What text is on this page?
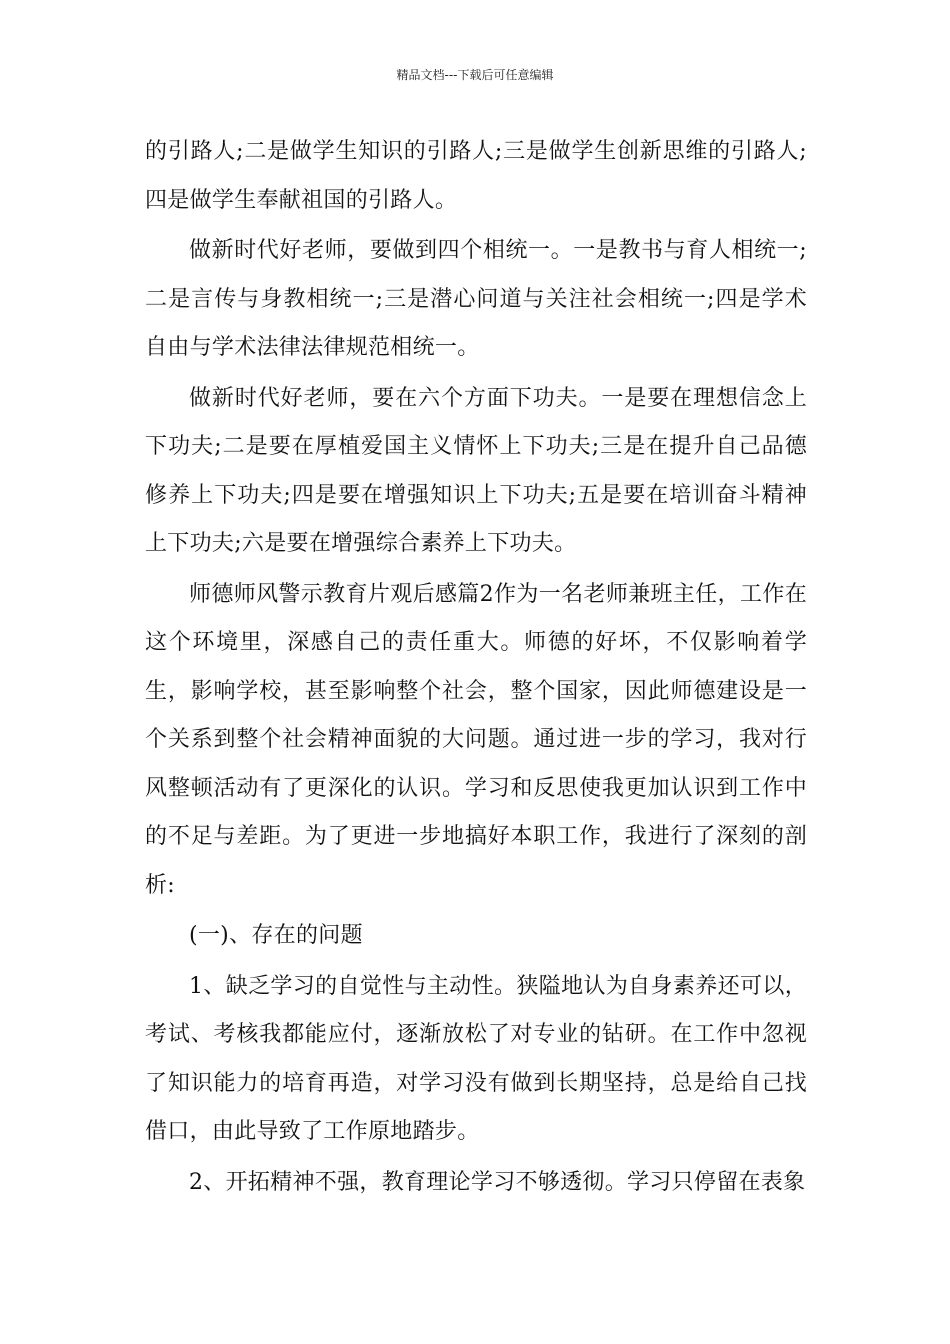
精品文档---下载后可任意编辑

的引路人;二是做学生知识的引路人;三是做学生创新思维的引路人;四是做学生奉献祖国的引路人。

做新时代好老师，要做到四个相统一。一是教书与育人相统一;二是言传与身教相统一;三是潜心问道与关注社会相统一;四是学术自由与学术法律法律规范相统一。

做新时代好老师，要在六个方面下功夫。一是要在理想信念上下功夫;二是要在厚植爱国主义情怀上下功夫;三是在提升自己品德修养上下功夫;四是要在增强知识上下功夫;五是要在培训奋斗精神上下功夫;六是要在增强综合素养上下功夫。

师德师风警示教育片观后感篇2作为一名老师兼班主任，工作在这个环境里，深感自己的责任重大。师德的好坏，不仅影响着学生，影响学校，甚至影响整个社会，整个国家，因此师德建设是一个关系到整个社会精神面貌的大问题。通过进一步的学习，我对行风整顿活动有了更深化的认识。学习和反思使我更加认识到工作中的不足与差距。为了更进一步地搞好本职工作，我进行了深刻的剖析:

(一)、存在的问题

1、缺乏学习的自觉性与主动性。狭隘地认为自身素养还可以，考试、考核我都能应付，逐渐放松了对专业的钻研。在工作中忽视了知识能力的培育再造，对学习没有做到长期坚持，总是给自己找借口，由此导致了工作原地踏步。

2、开拓精神不强，教育理论学习不够透彻。学习只停留在表象
